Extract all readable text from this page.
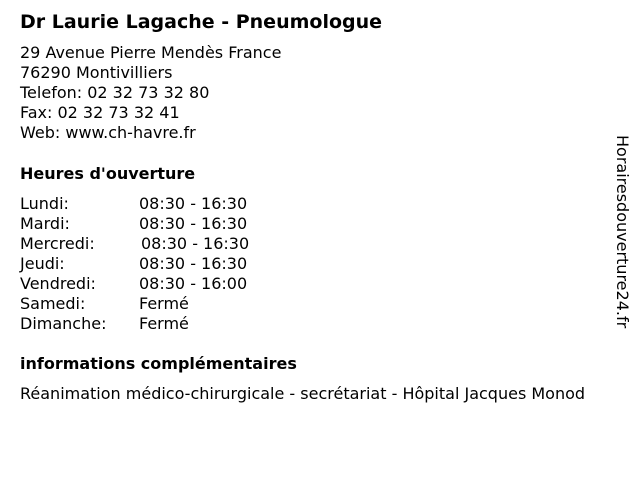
Dr Laurie Lagache - Pneumologue
29 Avenue Pierre Mendès France
76290 Montivilliers
Telefon: 02 32 73 32 80
Fax: 02 32 73 32 41
Web: www.ch-havre.fr
Heures d'ouverture
Lundi:	08:30 - 16:30
Mardi:	08:30 - 16:30
Mercredi:	08:30 - 16:30
Jeudi:	08:30 - 16:30
Vendredi:	08:30 - 16:00
Samedi:	Fermé
Dimanche: Fermé
informations complémentaires
Réanimation médico-chirurgicale - secrétariat - Hôpital Jacques Monod
Horairesdouverture24.fr
